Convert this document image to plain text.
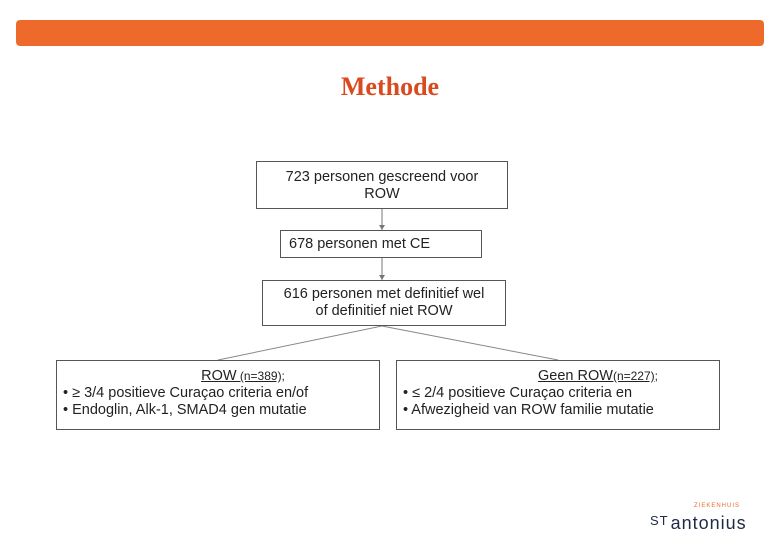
Methode
723 personen gescreend voor
ROW
678 personen met CE
616 personen met definitief wel
of definitief niet ROW
ROW (n=389);
• ≥ 3/4 positieve Curaçao criteria en/of
• Endoglin, Alk-1, SMAD4 gen mutatie
Geen ROW(n=227);
• ≤ 2/4 positieve Curaçao criteria en
• Afwezigheid van ROW familie mutatie
ZIEKENHUIS
$^{ST}$ antonius
